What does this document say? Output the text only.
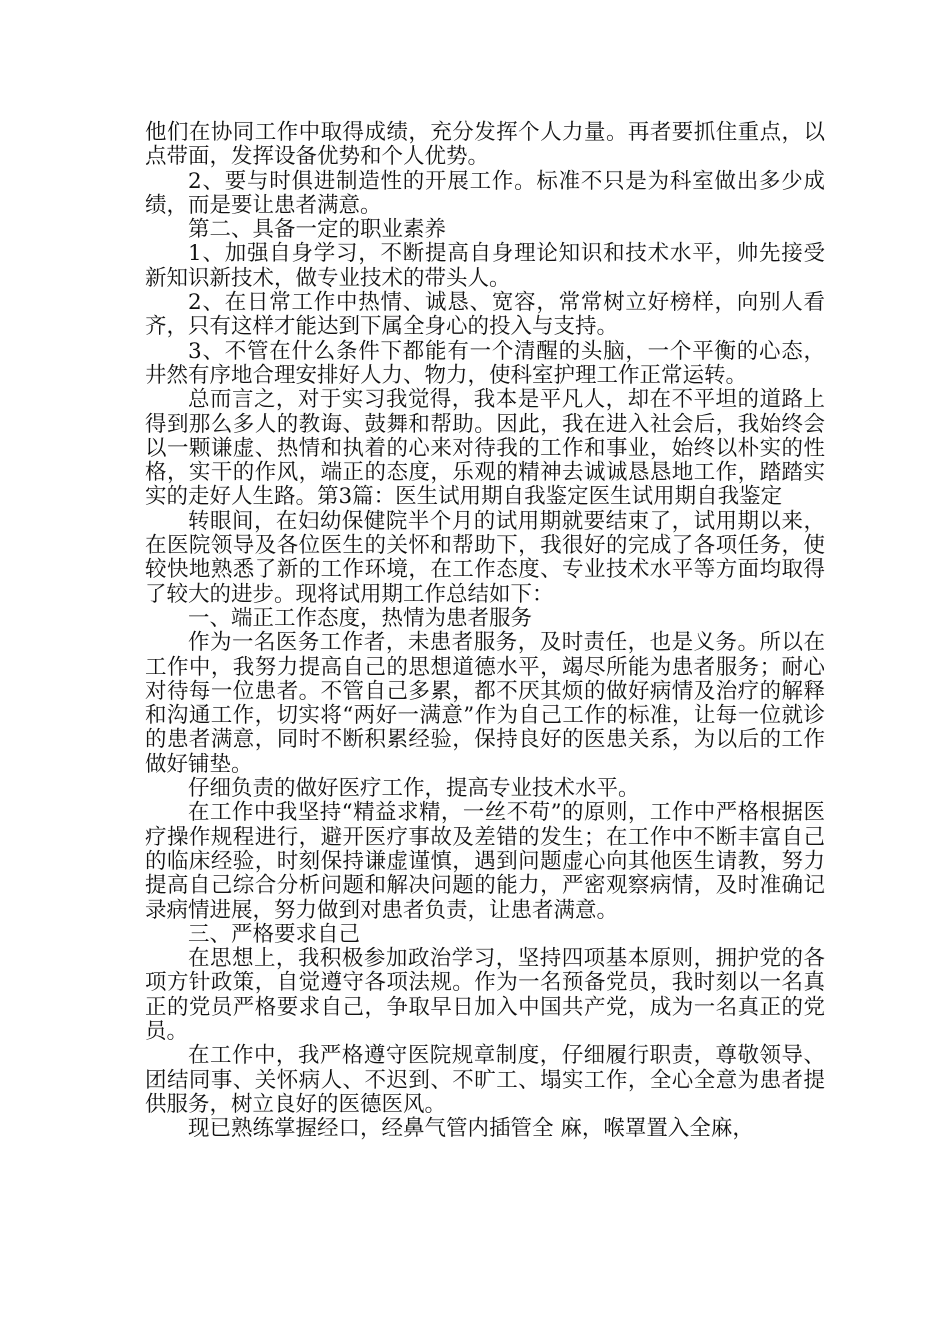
他们在协同工作中取得成绩，充分发挥个人力量。再者要抓住重点，以点带面，发挥设备优势和个人优势。

2、要与时俱进制造性的开展工作。标准不只是为科室做出多少成绩，而是要让患者满意。

第二、具备一定的职业素养

1、加强自身学习，不断提高自身理论知识和技术水平，帅先接受新知识新技术，做专业技术的带头人。

2、在日常工作中热情、诚恳、宽容，常常树立好榜样，向别人看齐，只有这样才能达到下属全身心的投入与支持。

3、不管在什么条件下都能有一个清醒的头脑，一个平衡的心态，井然有序地合理安排好人力、物力，使科室护理工作正常运转。

总而言之，对于实习我觉得，我本是平凡人，却在不平坦的道路上得到那么多人的教诲、鼓舞和帮助。因此，我在进入社会后，我始终会以一颗谦虚、热情和执着的心来对待我的工作和事业，始终以朴实的性格，实干的作风，端正的态度，乐观的精神去诚诚恳恳地工作，踏踏实实的走好人生路。第3篇：医生试用期自我鉴定医生试用期自我鉴定

转眼间，在妇幼保健院半个月的试用期就要结束了，试用期以来，在医院领导及各位医生的关怀和帮助下，我很好的完成了各项任务，使较快地熟悉了新的工作环境，在工作态度、专业技术水平等方面均取得了较大的进步。现将试用期工作总结如下：

一、端正工作态度，热情为患者服务

作为一名医务工作者，未患者服务，及时责任，也是义务。所以在工作中，我努力提高自己的思想道德水平，竭尽所能为患者服务；耐心对待每一位患者。不管自己多累，都不厌其烦的做好病情及治疗的解释和沟通工作，切实将“两好一满意”作为自己工作的标准，让每一位就诊的患者满意，同时不断积累经验，保持良好的医患关系，为以后的工作做好铺垫。

仔细负责的做好医疗工作，提高专业技术水平。

在工作中我坚持“精益求精，一丝不苟”的原则，工作中严格根据医疗操作规程进行，避开医疗事故及差错的发生；在工作中不断丰富自己的临床经验，时刻保持谦虚谨慎，遇到问题虚心向其他医生请教，努力提高自己综合分析问题和解决问题的能力，严密观察病情，及时准确记录病情进展，努力做到对患者负责，让患者满意。

三、严格要求自己

在思想上，我积极参加政治学习，坚持四项基本原则，拥护党的各项方针政策，自觉遵守各项法规。作为一名预备党员，我时刻以一名真正的党员严格要求自己，争取早日加入中国共产党，成为一名真正的党员。

在工作中，我严格遵守医院规章制度，仔细履行职责，尊敬领导、团结同事、关怀病人、不迟到、不旷工、塌实工作，全心全意为患者提供服务，树立良好的医德医风。

现已熟练掌握经口，经鼻气管内插管全 麻，喉罩置入全麻，
